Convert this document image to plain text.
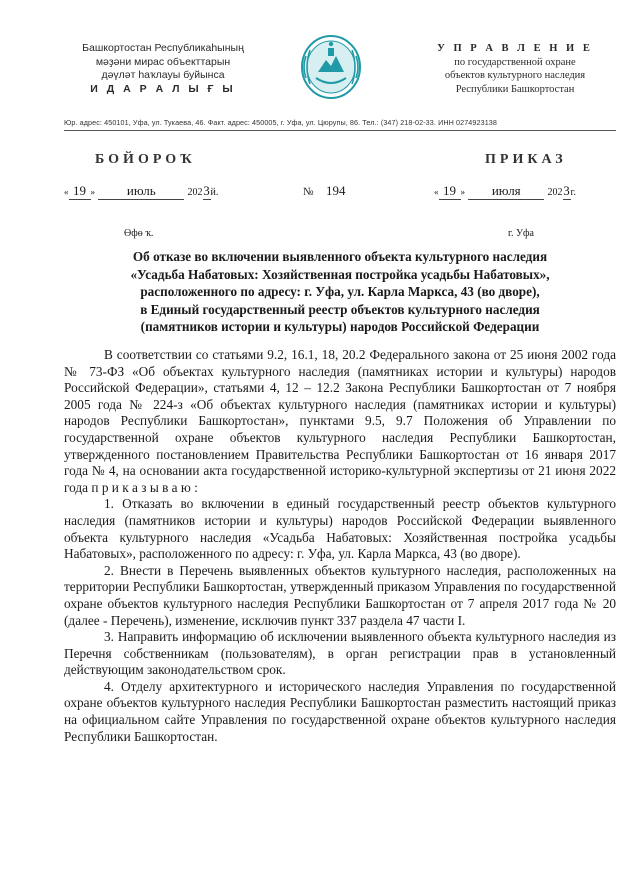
Башкортостан Республикаһының
мәҙәни мирас объекттарын
дәүләт һаҡлауы буйынса
И Д А Р А Л Ы Ғ Ы
У П Р А В Л Е Н И Е
по государственной охране
объектов культурного наследия
Республики Башкортостан
Юр. адрес: 450101, Уфа, ул. Тукаева, 46. Факт. адрес: 450005, г. Уфа, ул. Цюрупы, 86. Тел.: (347) 218-02-33. ИНН 0274923138
БОЙОРОҠ	ПРИКАЗ
« 19 » июль	2023й.	№ 194	« 19 » июля	2023г.
Өфө ҡ.	г. Уфа
Об отказе во включении выявленного объекта культурного наследия
«Усадьба Набатовых: Хозяйственная постройка усадьбы Набатовых»,
расположенного по адресу: г. Уфа, ул. Карла Маркса, 43 (во дворе),
в Единый государственный реестр объектов культурного наследия
(памятников истории и культуры) народов Российской Федерации

В соответствии со статьями 9.2, 16.1, 18, 20.2 Федерального закона от 25 июня 2002 года № 73-ФЗ «Об объектах культурного наследия (памятниках истории и культуры) народов Российской Федерации», статьями 4, 12 – 12.2 Закона Республики Башкортостан от 7 ноября 2005 года № 224-з «Об объектах культурного наследия (памятниках истории и культуры) народов Республики Башкортостан», пунктами 9.5, 9.7 Положения об Управлении по государственной охране объектов культурного наследия Республики Башкортостан, утвержденного постановлением Правительства Республики Башкортостан от 16 января 2017 года № 4, на основании акта государственной историко-культурной экспертизы от 21 июня 2022 года п р и к а з ы в а ю :

1. Отказать во включении в единый государственный реестр объектов культурного наследия (памятников истории и культуры) народов Российской Федерации выявленного объекта культурного наследия «Усадьба Набатовых: Хозяйственная постройка усадьбы Набатовых», расположенного по адресу: г. Уфа, ул. Карла Маркса, 43 (во дворе).

2. Внести в Перечень выявленных объектов культурного наследия, расположенных на территории Республики Башкортостан, утвержденный приказом Управления по государственной охране объектов культурного наследия Республики Башкортостан от 7 апреля 2017 года № 20 (далее - Перечень), изменение, исключив пункт 337 раздела 47 части I.

3. Направить информацию об исключении выявленного объекта культурного наследия из Перечня собственникам (пользователям), в орган регистрации прав в установленный действующим законодательством срок.

4. Отделу архитектурного и исторического наследия Управления по государственной охране объектов культурного наследия Республики Башкортостан разместить настоящий приказ на официальном сайте Управления по государственной охране объектов культурного наследия Республики Башкортостан.
